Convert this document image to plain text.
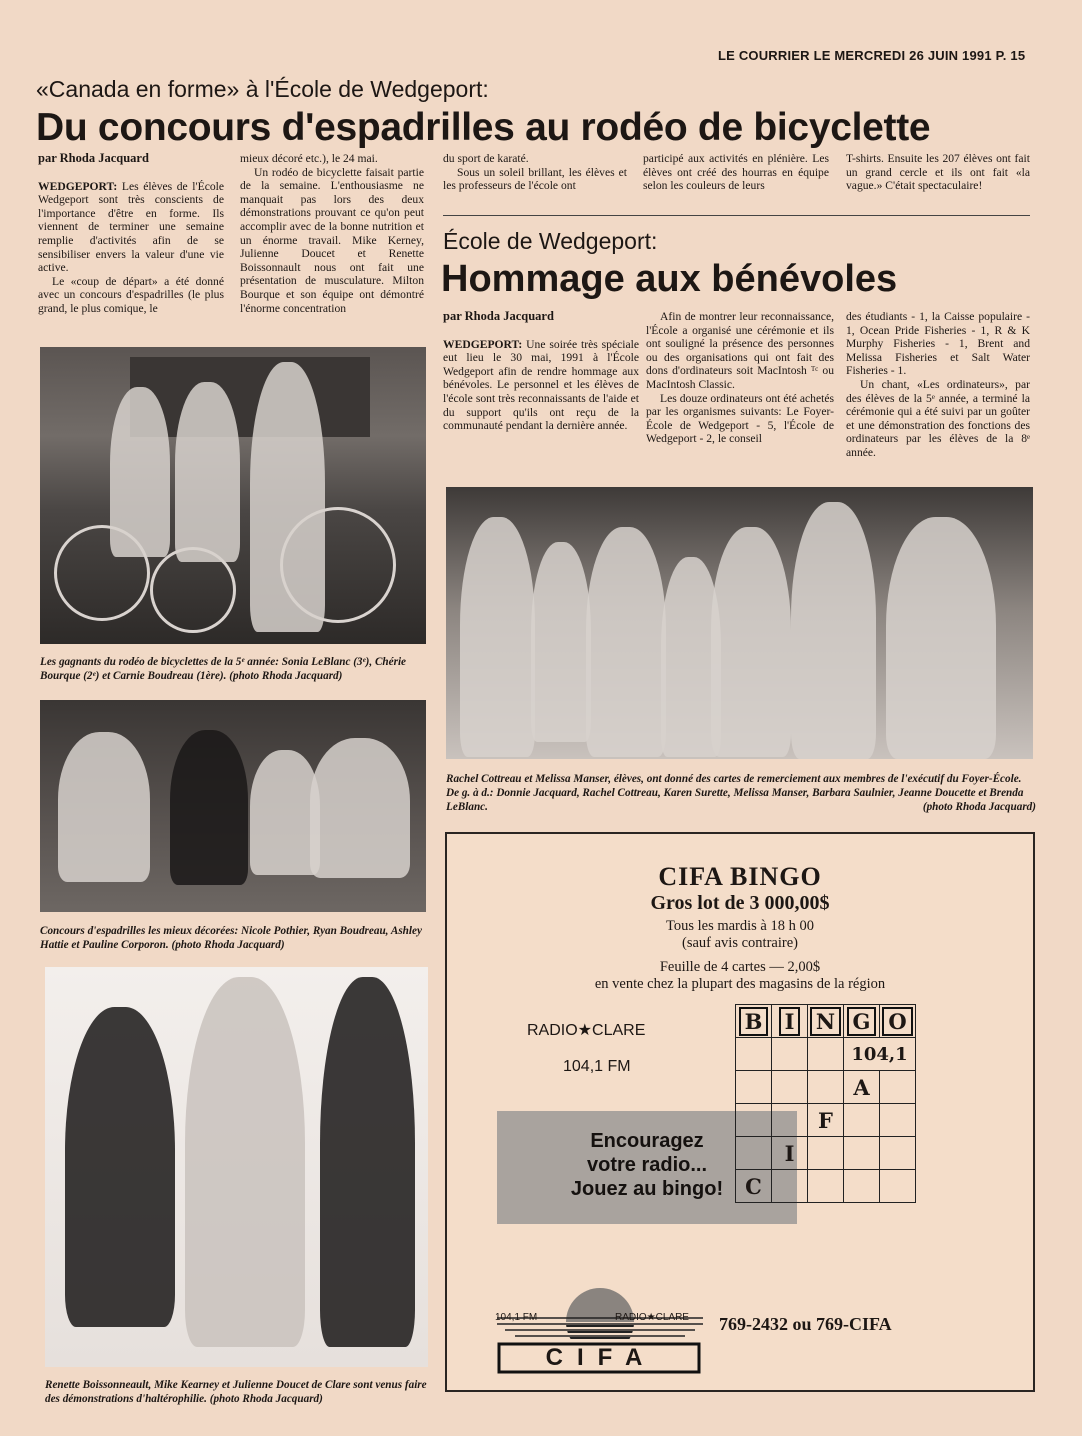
LE COURRIER LE MERCREDI 26 JUIN 1991 P. 15
«Canada en forme» à l'École de Wedgeport:
Du concours d'espadrilles au rodéo de bicyclette
par Rhoda Jacquard

WEDGEPORT: Les élèves de l'École Wedgeport sont très conscients de l'importance d'être en forme. Ils viennent de terminer une semaine remplie d'activités afin de se sensibiliser envers la valeur d'une vie active.

Le «coup de départ» a été donné avec un concours d'espadrilles (le plus grand, le plus comique, le

mieux décoré etc.), le 24 mai.

Un rodéo de bicyclette faisait partie de la semaine. L'enthousiasme ne manquait pas lors des deux démonstrations prouvant ce qu'on peut accomplir avec de la bonne nutrition et un énorme travail. Mike Kerney, Julienne Doucet et Renette Boissonnault nous ont fait une présentation de musculature. Milton Bourque et son équipe ont démontré l'énorme concentration

du sport de karaté.

Sous un soleil brillant, les élèves et les professeurs de l'école ont

participé aux activités en plénière. Les élèves ont créé des hourras en équipe selon les couleurs de leurs

T-shirts. Ensuite les 207 élèves ont fait un grand cercle et ils ont fait «la vague.» C'était spectaculaire!

École de Wedgeport:
Hommage aux bénévoles
par Rhoda Jacquard

WEDGEPORT: Une soirée très spéciale eut lieu le 30 mai, 1991 à l'École Wedgeport afin de rendre hommage aux bénévoles. Le personnel et les élèves de l'école sont très reconnaissants de l'aide et du support qu'ils ont reçu de la communauté pendant la dernière année.

Afin de montrer leur reconnaissance, l'École a organisé une cérémonie et ils ont souligné la présence des personnes ou des organisations qui ont fait des dons d'ordinateurs soit MacIntosh ᵀᶜ ou MacIntosh Classic.

Les douze ordinateurs ont été achetés par les organismes suivants: Le Foyer-École de Wedgeport - 5, l'École de Wedgeport - 2, le conseil

des étudiants - 1, la Caisse populaire - 1, Ocean Pride Fisheries - 1, R & K Murphy Fisheries - 1, Brent and Melissa Fisheries et Salt Water Fisheries - 1.

Un chant, «Les ordinateurs», par des élèves de la 5ᵉ année, a terminé la cérémonie qui a été suivi par un goûter et une démonstration des fonctions des ordinateurs par les élèves de la 8ᵉ année.

Les gagnants du rodéo de bicyclettes de la 5ᵉ année: Sonia LeBlanc (3ᵉ), Chérie Bourque (2ᵉ) et Carnie Boudreau (1ère). (photo Rhoda Jacquard)
Concours d'espadrilles les mieux décorées: Nicole Pothier, Ryan Boudreau, Ashley Hattie et Pauline Corporon. (photo Rhoda Jacquard)
Renette Boissonneault, Mike Kearney et Julienne Doucet de Clare sont venus faire des démonstrations d'haltérophilie. (photo Rhoda Jacquard)
Rachel Cottreau et Melissa Manser, élèves, ont donné des cartes de remerciement aux membres de l'exécutif du Foyer-École. De g. à d.: Donnie Jacquard, Rachel Cottreau, Karen Surette, Melissa Manser, Barbara Saulnier, Jeanne Doucette et Brenda LeBlanc.	(photo Rhoda Jacquard)
CIFA BINGO
Gros lot de 3 000,00$
Tous les mardis à 18 h 00
(sauf avis contraire)
Feuille de 4 cartes — 2,00$
en vente chez la plupart des magasins de la région
RADIO★CLARE
104,1 FM
Encouragez
votre radio...
Jouez au bingo!
B	I	N	G	O
			104,1	
			A	
		F		
	I			
C				
104,1 FM	RADIO★CLARE
CIFA
769-2432 ou 769-CIFA
